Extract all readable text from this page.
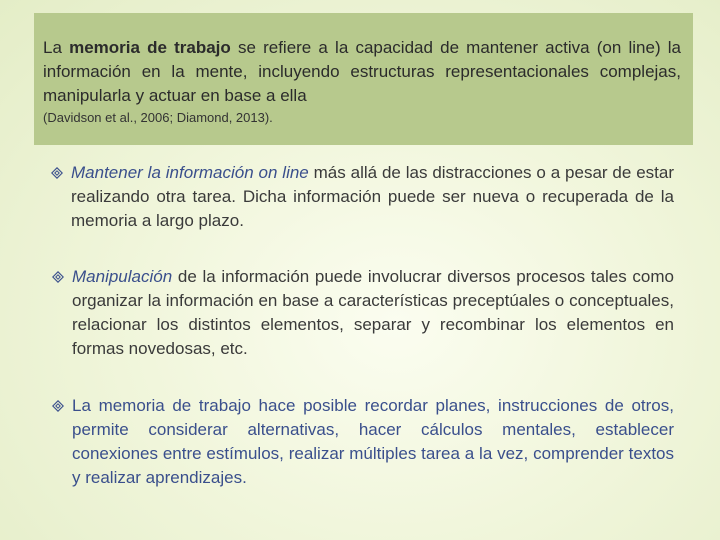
La memoria de trabajo se refiere a la capacidad de mantener activa (on line) la información en la mente, incluyendo estructuras representacionales complejas, manipularla y actuar en base a ella
(Davidson et al., 2006; Diamond, 2013).
Mantener la información on line más allá de las distracciones o a pesar de estar realizando otra tarea. Dicha información puede ser nueva o recuperada de la memoria a largo plazo.
Manipulación de la información puede involucrar diversos procesos tales como organizar la información en base a características preceptúales o conceptuales, relacionar los distintos elementos, separar y recombinar los elementos en formas novedosas, etc.
La memoria de trabajo hace posible recordar planes, instrucciones de otros, permite considerar alternativas, hacer cálculos mentales, establecer conexiones entre estímulos, realizar múltiples tarea a la vez, comprender textos y realizar aprendizajes.
